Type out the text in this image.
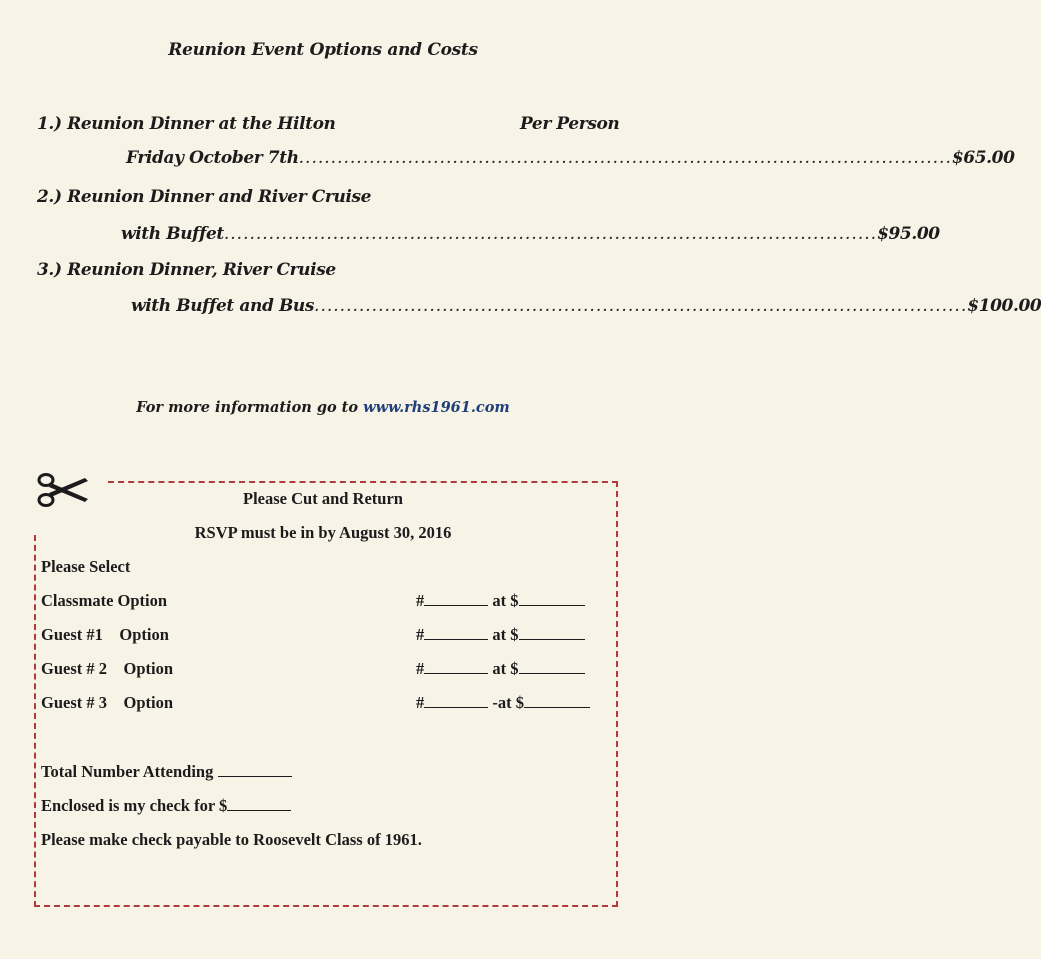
Reunion Event Options and Costs
1.) Reunion Dinner at the Hilton	Per Person
Friday October 7th ...................................................................................................... $65.00
2.) Reunion Dinner and River Cruise
with Buffet ...................................................................................................... $95.00
3.) Reunion Dinner, River Cruise
with Buffet and Bus ...................................................................................................... $100.00
For more information go to www.rhs1961.com
Please Cut and Return
RSVP must be in by August 30, 2016
Please Select
Classmate Option	#	at $
Guest #1    Option	#	at $
Guest # 2    Option	#	at $
Guest # 3    Option	#	-at $
Total Number Attending
Enclosed is my check for $
Please make check payable to Roosevelt Class of 1961.
